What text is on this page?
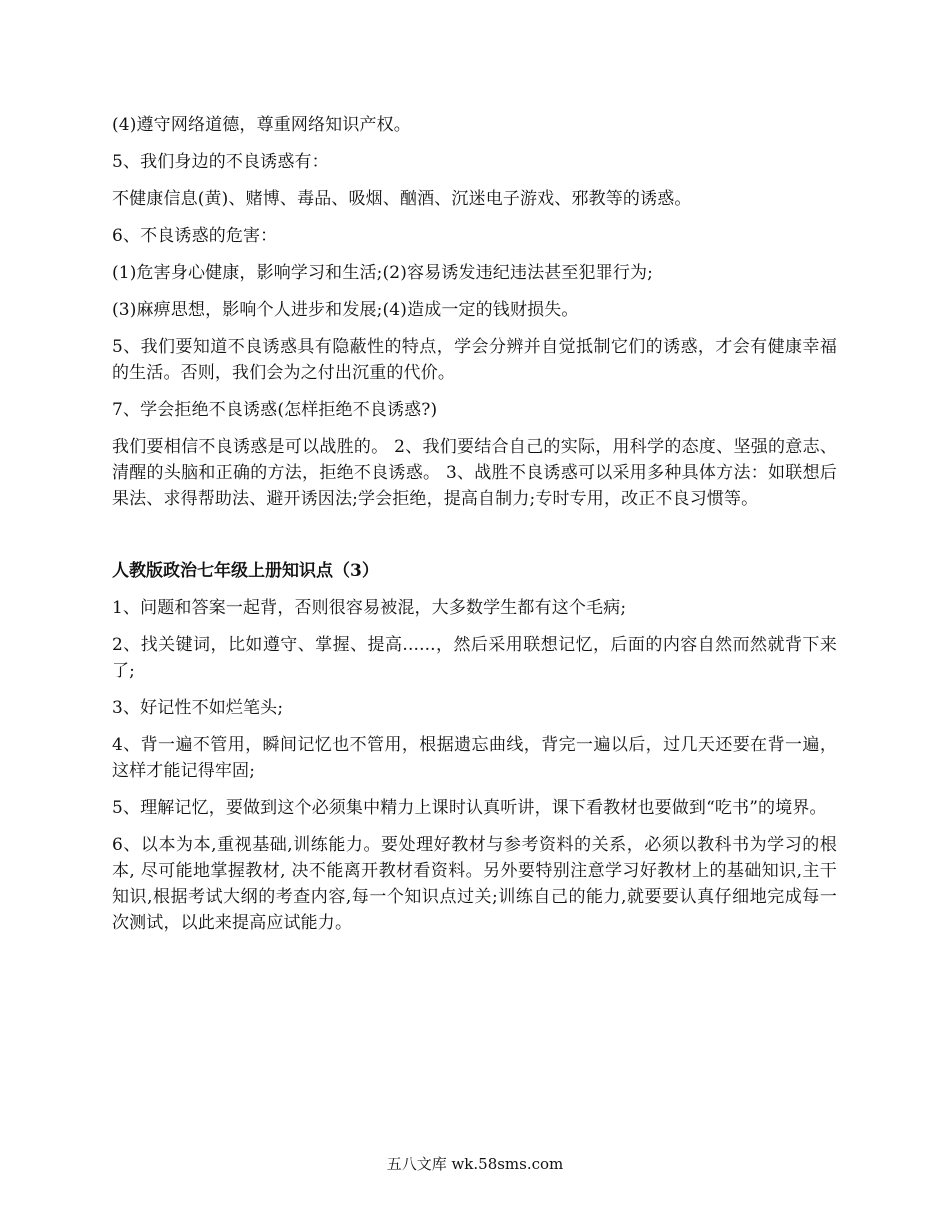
(4)遵守网络道德，尊重网络知识产权。

5、我们身边的不良诱惑有：

不健康信息(黄)、赌博、毒品、吸烟、酗酒、沉迷电子游戏、邪教等的诱惑。

6、不良诱惑的危害：

(1)危害身心健康，影响学习和生活;(2)容易诱发违纪违法甚至犯罪行为;

(3)麻痹思想，影响个人进步和发展;(4)造成一定的钱财损失。

5、我们要知道不良诱惑具有隐蔽性的特点，学会分辨并自觉抵制它们的诱惑，才会有健康幸福的生活。否则，我们会为之付出沉重的代价。

7、学会拒绝不良诱惑(怎样拒绝不良诱惑?)

我们要相信不良诱惑是可以战胜的。 2、我们要结合自己的实际，用科学的态度、坚强的意志、清醒的头脑和正确的方法，拒绝不良诱惑。 3、战胜不良诱惑可以采用多种具体方法：如联想后果法、求得帮助法、避开诱因法;学会拒绝，提高自制力;专时专用，改正不良习惯等。

人教版政治七年级上册知识点（3）

1、问题和答案一起背，否则很容易被混，大多数学生都有这个毛病;

2、找关键词，比如遵守、掌握、提高......，然后采用联想记忆，后面的内容自然而然就背下来了;

3、好记性不如烂笔头;

4、背一遍不管用，瞬间记忆也不管用，根据遗忘曲线，背完一遍以后，过几天还要在背一遍，这样才能记得牢固;

5、理解记忆，要做到这个必须集中精力上课时认真听讲，课下看教材也要做到“吃书”的境界。

6、以本为本,重视基础,训练能力。要处理好教材与参考资料的关系，必须以教科书为学习的根本, 尽可能地掌握教材, 决不能离开教材看资料。另外要特别注意学习好教材上的基础知识,主干知识,根据考试大纲的考查内容,每一个知识点过关;训练自己的能力,就要要认真仔细地完成每一次测试，以此来提高应试能力。

五八文库 wk.58sms.com
